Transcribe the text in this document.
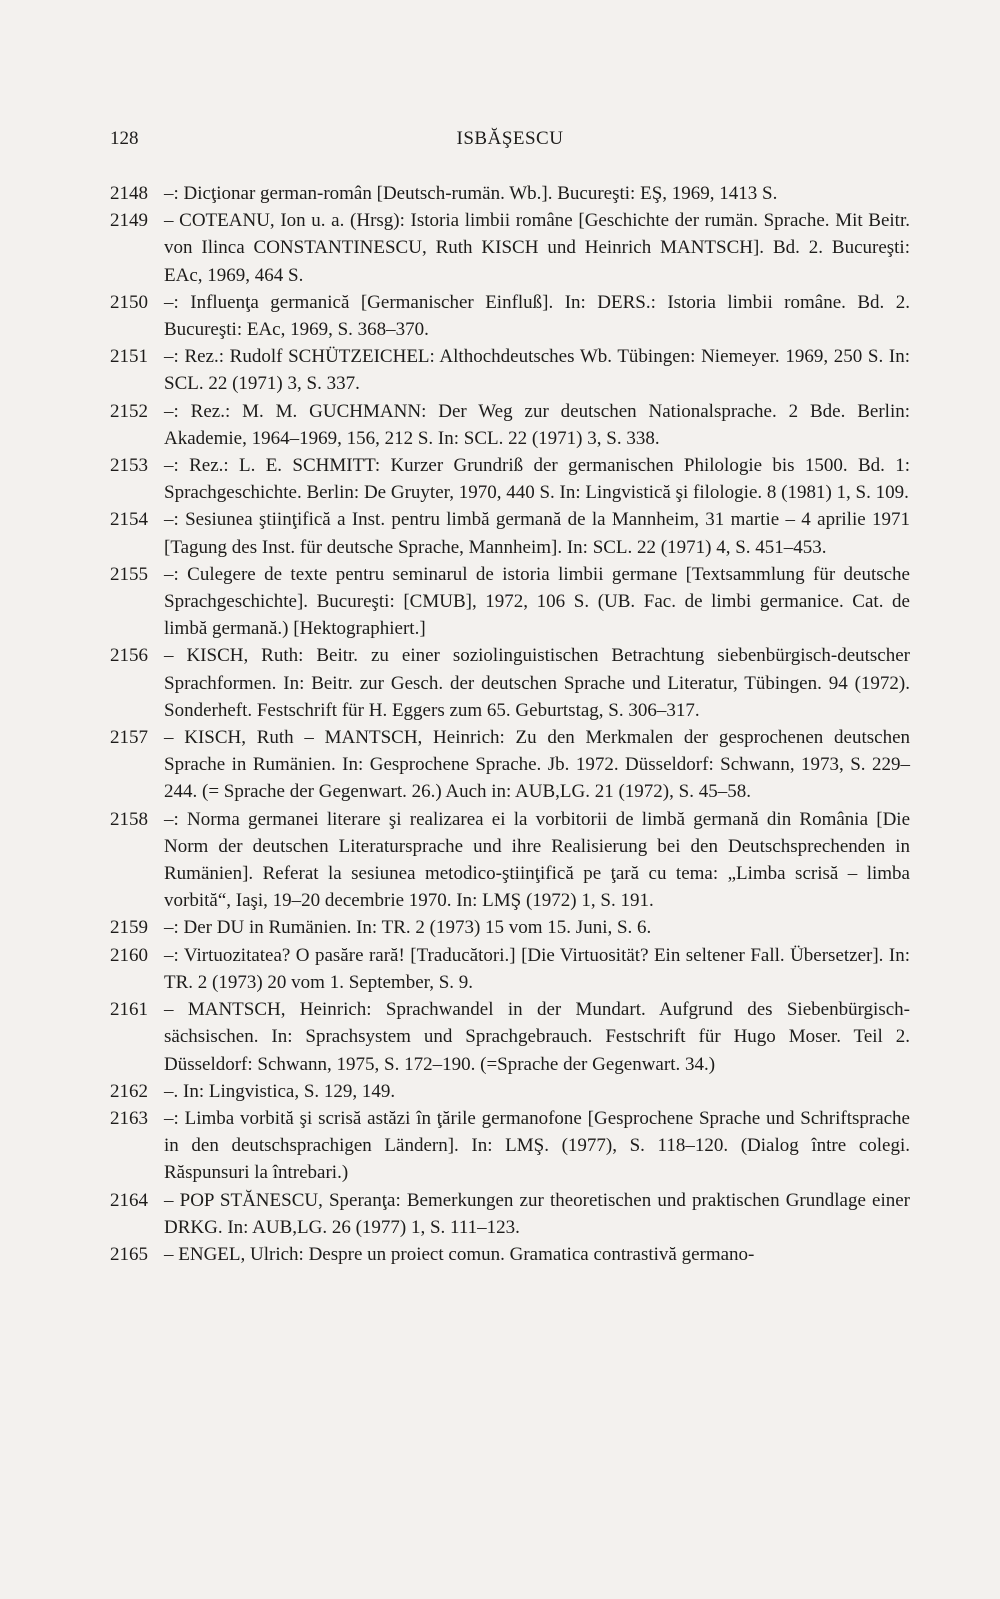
128	ISBĂŞESCU
2148 –: Dicţionar german-român [Deutsch-rumän. Wb.]. Bucureşti: EŞ, 1969, 1413 S.
2149 – COTEANU, Ion u. a. (Hrsg): Istoria limbii române [Geschichte der rumän. Sprache. Mit Beitr. von Ilinca CONSTANTINESCU, Ruth KISCH und Heinrich MANTSCH]. Bd. 2. Bucureşti: EAc, 1969, 464 S.
2150 –: Influenţa germanică [Germanischer Einfluß]. In: DERS.: Istoria limbii române. Bd. 2. Bucureşti: EAc, 1969, S. 368–370.
2151 –: Rez.: Rudolf SCHÜTZEICHEL: Althochdeutsches Wb. Tübingen: Niemeyer. 1969, 250 S. In: SCL. 22 (1971) 3, S. 337.
2152 –: Rez.: M. M. GUCHMANN: Der Weg zur deutschen Nationalsprache. 2 Bde. Berlin: Akademie, 1964–1969, 156, 212 S. In: SCL. 22 (1971) 3, S. 338.
2153 –: Rez.: L. E. SCHMITT: Kurzer Grundriß der germanischen Philologie bis 1500. Bd. 1: Sprachgeschichte. Berlin: De Gruyter, 1970, 440 S. In: Lingvistică şi filologie. 8 (1981) 1, S. 109.
2154 –: Sesiunea ştiinţifică a Inst. pentru limbă germană de la Mannheim, 31 martie – 4 aprilie 1971 [Tagung des Inst. für deutsche Sprache, Mannheim]. In: SCL. 22 (1971) 4, S. 451–453.
2155 –: Culegere de texte pentru seminarul de istoria limbii germane [Textsammlung für deutsche Sprachgeschichte]. Bucureşti: [CMUB], 1972, 106 S. (UB. Fac. de limbi germanice. Cat. de limbă germană.) [Hektographiert.]
2156 – KISCH, Ruth: Beitr. zu einer soziolinguistischen Betrachtung siebenbürgisch-deutscher Sprachformen. In: Beitr. zur Gesch. der deutschen Sprache und Literatur, Tübingen. 94 (1972). Sonderheft. Festschrift für H. Eggers zum 65. Geburtstag, S. 306–317.
2157 – KISCH, Ruth – MANTSCH, Heinrich: Zu den Merkmalen der gesprochenen deutschen Sprache in Rumänien. In: Gesprochene Sprache. Jb. 1972. Düsseldorf: Schwann, 1973, S. 229–244. (= Sprache der Gegenwart. 26.) Auch in: AUB,LG. 21 (1972), S. 45–58.
2158 –: Norma germanei literare şi realizarea ei la vorbitorii de limbă germană din România [Die Norm der deutschen Literatursprache und ihre Realisierung bei den Deutschsprechenden in Rumänien]. Referat la sesiunea metodico-ştiinţifică pe ţară cu tema: „Limba scrisă – limba vorbită“, Iaşi, 19–20 decembrie 1970. In: LMŞ (1972) 1, S. 191.
2159 –: Der DU in Rumänien. In: TR. 2 (1973) 15 vom 15. Juni, S. 6.
2160 –: Virtuozitatea? O pasăre rară! [Traducători.] [Die Virtuosität? Ein seltener Fall. Übersetzer]. In: TR. 2 (1973) 20 vom 1. September, S. 9.
2161 – MANTSCH, Heinrich: Sprachwandel in der Mundart. Aufgrund des Siebenbürgisch-sächsischen. In: Sprachsystem und Sprachgebrauch. Festschrift für Hugo Moser. Teil 2. Düsseldorf: Schwann, 1975, S. 172–190. (=Sprache der Gegenwart. 34.)
2162 –. In: Lingvistica, S. 129, 149.
2163 –: Limba vorbită şi scrisă astăzi în ţările germanofone [Gesprochene Sprache und Schriftsprache in den deutschsprachigen Ländern]. In: LMŞ. (1977), S. 118–120. (Dialog între colegi. Răspunsuri la întrebari.)
2164 – POP STĂNESCU, Speranţa: Bemerkungen zur theoretischen und praktischen Grundlage einer DRKG. In: AUB,LG. 26 (1977) 1, S. 111–123.
2165 – ENGEL, Ulrich: Despre un proiect comun. Gramatica contrastivă germano-
